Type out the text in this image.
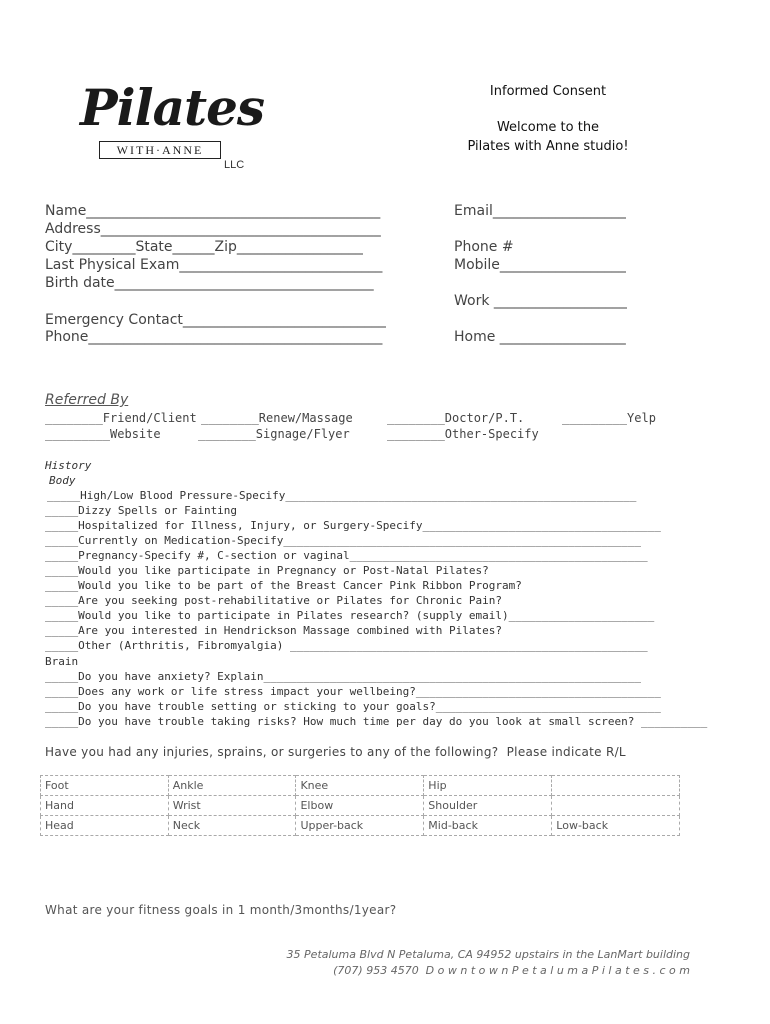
Pilates
WITH·ANNE
LLC
Informed Consent
Welcome to the
Pilates with Anne studio!
Name__________________________________________
Address________________________________________
City_________State______Zip__________________
Last Physical Exam_____________________________
Birth date_____________________________________
Emergency Contact_____________________________
Phone__________________________________________
Email___________________
Phone #
Mobile__________________
Work ___________________
Home __________________
Referred By
________Friend/Client ________Renew/Massage	________Doctor/P.T.	_________Yelp
_________Website	________Signage/Flyer	________Other-Specify
History
Body
_____High/Low Blood Pressure-Specify_____________________________________________________
_____Dizzy Spells or Fainting
_____Hospitalized for Illness, Injury, or Surgery-Specify____________________________________
_____Currently on Medication-Specify______________________________________________________
_____Pregnancy-Specify #, C-section or vaginal_____________________________________________
_____Would you like participate in Pregnancy or Post-Natal Pilates?
_____Would you like to be part of the Breast Cancer Pink Ribbon Program?
_____Are you seeking post-rehabilitative or Pilates for Chronic Pain?
_____Would you like to participate in Pilates research? (supply email)______________________
_____Are you interested in Hendrickson Massage combined with Pilates?
_____Other (Arthritis, Fibromyalgia) ______________________________________________________
Brain
_____Do you have anxiety? Explain_________________________________________________________
_____Does any work or life stress impact your wellbeing?_____________________________________
_____Do you have trouble setting or sticking to your goals?__________________________________
_____Do you have trouble taking risks? How much time per day do you look at small screen? __________
Have you had any injuries, sprains, or surgeries to any of the following?  Please indicate R/L
Foot	Ankle	Knee	Hip	
Hand	Wrist	Elbow	Shoulder	
Head	Neck	Upper-back	Mid-back	Low-back
What are your fitness goals in 1 month/3months/1year?
35 Petaluma Blvd N Petaluma, CA 94952 upstairs in the LanMart building
(707) 953 4570  D o w n t o w n P e t a l u m a P i l a t e s . c o m
